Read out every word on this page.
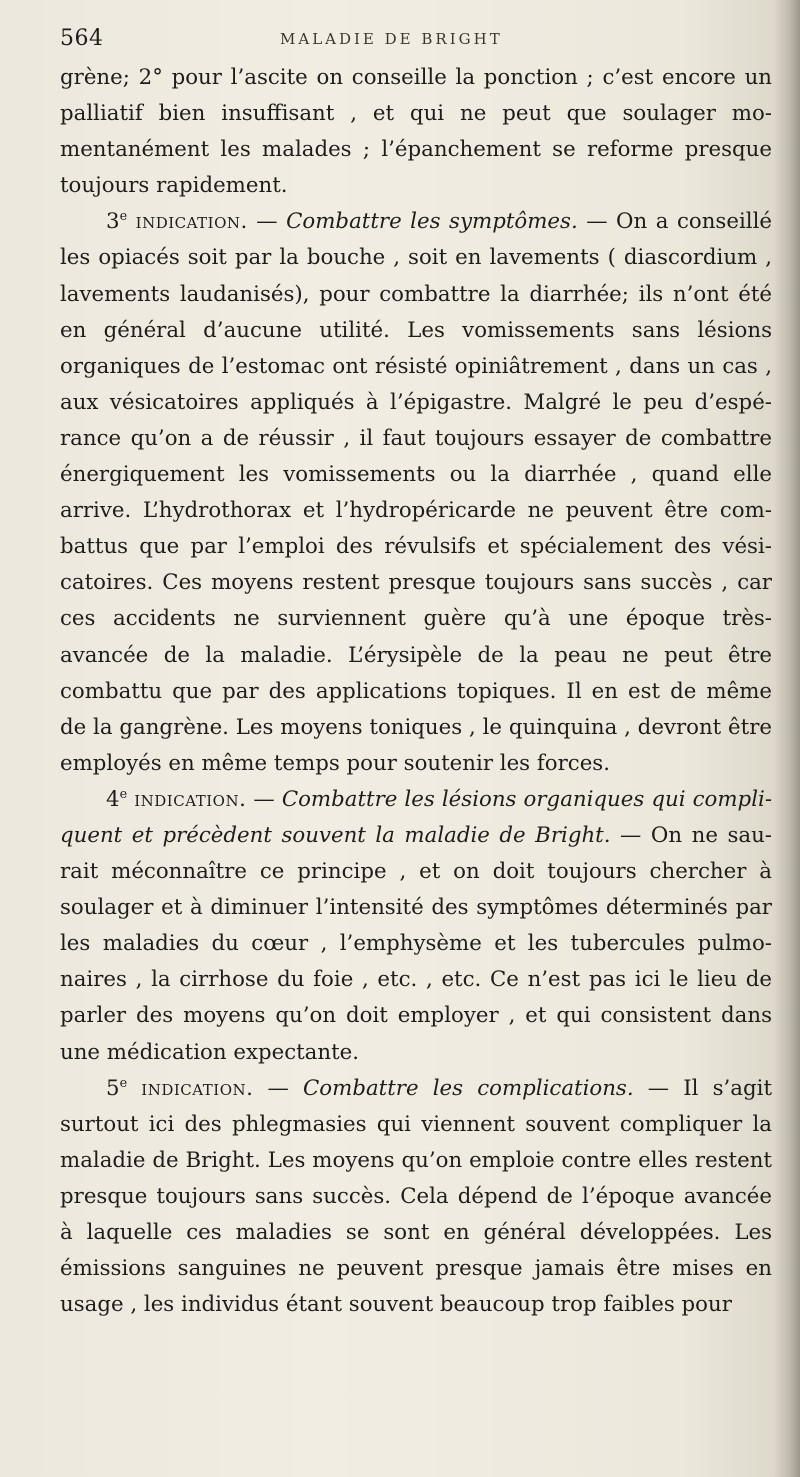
564	MALADIE DE BRIGHT

grène; 2° pour l’ascite on conseille la ponction ; c’est encore un palliatif bien insuffisant , et qui ne peut que soulager mo- mentanément les malades ; l’épanchement se reforme presque toujours rapidement.

3e indication. — Combattre les symptômes. — On a conseillé les opiacés soit par la bouche , soit en lavements ( diascordium , lavements laudanisés), pour combattre la diarrhée; ils n’ont été en général d’aucune utilité. Les vomissements sans lésions organiques de l’estomac ont résisté opiniâtrement , dans un cas , aux vésicatoires appliqués à l’épigastre. Malgré le peu d’espé- rance qu’on a de réussir , il faut toujours essayer de combattre énergiquement les vomissements ou la diarrhée , quand elle arrive. L’hydrothorax et l’hydropéricarde ne peuvent être com- battus que par l’emploi des révulsifs et spécialement des vési- catoires. Ces moyens restent presque toujours sans succès , car ces accidents ne surviennent guère qu’à une époque très-avancée de la maladie. L’érysipèle de la peau ne peut être combattu que par des applications topiques. Il en est de même de la gangrène. Les moyens toniques , le quinquina , devront être employés en même temps pour soutenir les forces.

4e indication. — Combattre les lésions organiques qui compli- quent et précèdent souvent la maladie de Bright. — On ne sau- rait méconnaître ce principe , et on doit toujours chercher à soulager et à diminuer l’intensité des symptômes déterminés par les maladies du cœur , l’emphysème et les tubercules pulmo- naires , la cirrhose du foie , etc. , etc. Ce n’est pas ici le lieu de parler des moyens qu’on doit employer , et qui consistent dans une médication expectante.

5e indication. — Combattre les complications. — Il s’agit surtout ici des phlegmasies qui viennent souvent compliquer la maladie de Bright. Les moyens qu’on emploie contre elles restent presque toujours sans succès. Cela dépend de l’époque avancée à laquelle ces maladies se sont en général développées. Les émissions sanguines ne peuvent presque jamais être mises en usage , les individus étant souvent beaucoup trop faibles pour
